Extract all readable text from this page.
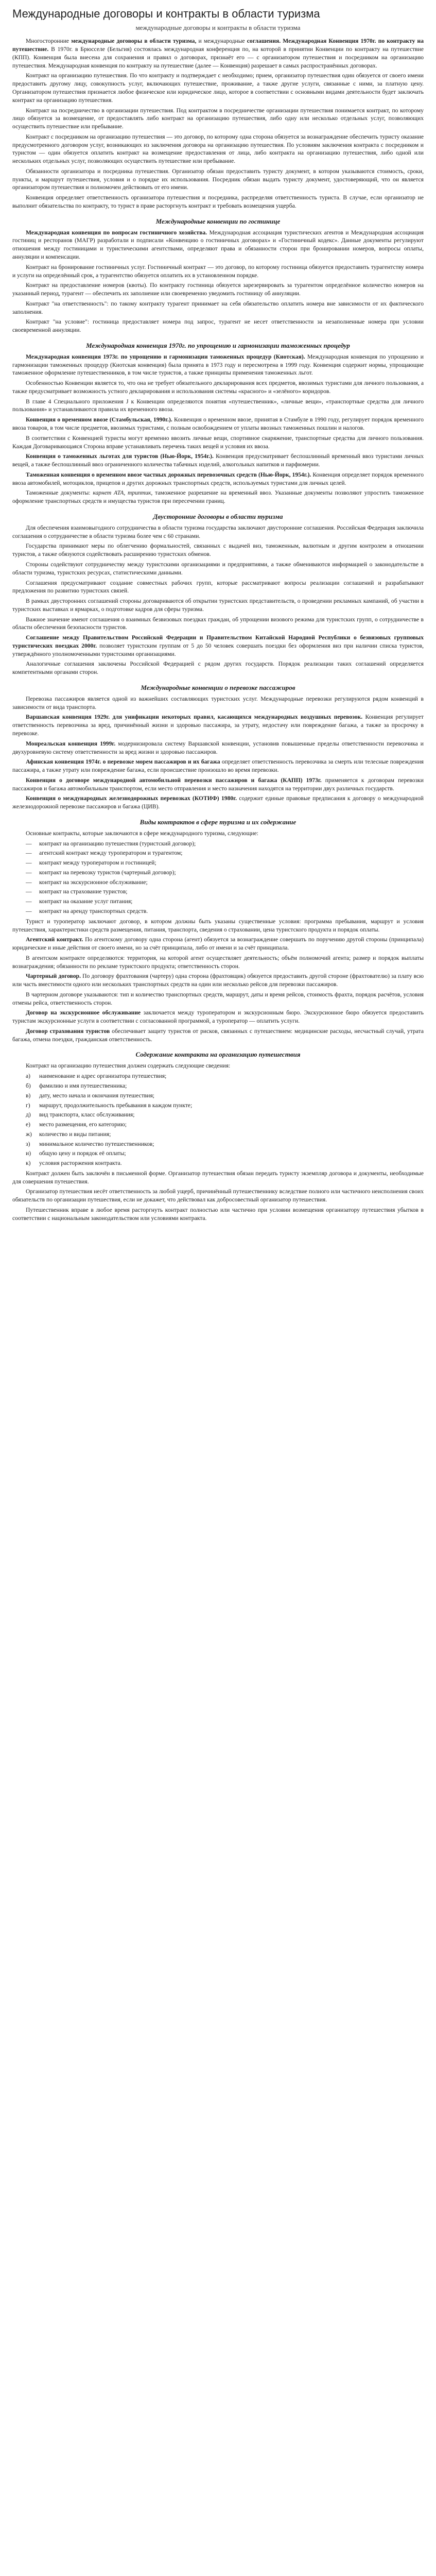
Международные договоры и контракты в области туризма
международные договоры и контракты в области туризма

Многосторонние международные договоры в области туризма, и международные соглашения. Международная Конвенция 1970г. по контракту на путешествие. В 1970г. в Брюсселе (Бельгия) состоялась международная конференция по, на которой в принятии Конвенции по контракту на путешествие (КПП). Конвенция была внесена для сохранения и правил о договорах, признаёт его — с организатором путешествия и посредником на организацию путешествия. Международная конвенция по контракту на путешествие (далее — Конвенция) разрешает в самых распространённых договорах.

Контракт на организацию путешествия. По что контракту и подтверждает с необходимо; прием, организатор путешествия один обязуется от своего имени предоставить другому лицу, совокупность услуг, включающих путешествие, проживание, а также другие услуги, связанные с ними, за платную цену. Организатором путешествия признается любое физическое или юридическое лицо, которое в соответствии с основными видами деятельности будет заключать контракт на организацию путешествия.

Контракт на посредничество в организации путешествия. Под контрактом в посредничестве организации путешествия понимается контракт, по которому лицо обязуется за возмещение, от предоставлять либо контракт на организацию путешествия, либо одну или несколько отдельных услуг, позволяющих осуществить путешествие или пребывание.

Контракт с посредником на организацию путешествия — это договор, по которому одна сторона обязуется за вознаграждение обеспечить туристу оказание предусмотренного договором услуг, возникающих из заключения договора на организацию путешествия. По условиям заключения контракта с посредником и туристом — один обязуется оплатить контракт на возмещение предоставления от лица, либо контракта на организацию путешествия, либо одной или нескольких отдельных услуг, позволяющих осуществить путешествие или пребывание.

Обязанности организатора и посредника путешествия. Организатор обязан предоставить туристу документ, в котором указываются стоимость, сроки, пункты, и маршрут путешествия, условия и о порядке их использования. Посредник обязан выдать туристу документ, удостоверяющий, что он является организатором путешествия и полномочен действовать от его имени.

Конвенция определяет ответственность организатора путешествия и посредника, распределяя ответственность туриста. В случае, если организатор не выполнит обязательства по контракту, то турист в праве расторгнуть контракт и требовать возмещения ущерба.

Международные конвенции по гостинице

Международная конвенция по вопросам гостиничного хозяйства. Международная ассоциация туристических агентов и Международная ассоциация гостиниц и ресторанов (МАГР) разработали и подписали «Конвенцию о гостиничных договорах» и «Гостиничный кодекс». Данные документы регулируют отношения между гостиницами и туристическими агентствами, определяют права и обязанности сторон при бронировании номеров, вопросы оплаты, аннуляции и компенсации.

Контракт на бронирование гостиничных услуг. Гостиничный контракт — это договор, по которому гостиница обязуется предоставить турагентству номера и услуги на определённый срок, а турагентство обязуется оплатить их в установленном порядке.

Контракт на предоставление номеров (квоты). По контракту гостиница обязуется зарезервировать за турагентом определённое количество номеров на указанный период, турагент — обеспечить их заполнение или своевременно уведомить гостиницу об аннуляции.

Контракт "на ответственность": по такому контракту турагент принимает на себя обязательство оплатить номера вне зависимости от их фактического заполнения.

Контракт "на условие": гостиница предоставляет номера под запрос, турагент не несет ответственности за незаполненные номера при условии своевременной аннуляции.

Международная конвенция 1970г. по упрощению и гармонизации таможенных процедур

Международная конвенция 1973г. по упрощению и гармонизации таможенных процедур (Киотская). Международная конвенция по упрощению и гармонизации таможенных процедур (Киотская конвенция) была принята в 1973 году и пересмотрена в 1999 году. Конвенция содержит нормы, упрощающие таможенное оформление путешественников, в том числе туристов, а также принципы применения таможенных льгот.

Особенностью Конвенции является то, что она не требует обязательного декларирования всех предметов, ввозимых туристами для личного пользования, а также предусматривает возможность устного декларирования и использования системы «красного» и «зелёного» коридоров.

В главе 4 Специального приложения J к Конвенции определяются понятия «путешественник», «личные вещи», «транспортные средства для личного пользования» и устанавливаются правила их временного ввоза.

Конвенция о временном ввозе (Стамбульская, 1990г.). Конвенция о временном ввозе, принятая в Стамбуле в 1990 году, регулирует порядок временного ввоза товаров, в том числе предметов, ввозимых туристами, с полным освобождением от уплаты ввозных таможенных пошлин и налогов.

В соответствии с Конвенцией туристы могут временно ввозить личные вещи, спортивное снаряжение, транспортные средства для личного пользования. Каждая Договаривающаяся Сторона вправе устанавливать перечень таких вещей и условия их ввоза.

Конвенция о таможенных льготах для туристов (Нью-Йорк, 1954г.). Конвенция предусматривает беспошлинный временный ввоз туристами личных вещей, а также беспошлинный ввоз ограниченного количества табачных изделий, алкогольных напитков и парфюмерии.

Таможенная конвенция о временном ввозе частных дорожных перевозочных средств (Нью-Йорк, 1954г.). Конвенция определяет порядок временного ввоза автомобилей, мотоциклов, прицепов и других дорожных транспортных средств, используемых туристами для личных целей.

Таможенные документы: карнет ATA, триптик, таможенное разрешение на временный ввоз. Указанные документы позволяют упростить таможенное оформление транспортных средств и имущества туристов при пересечении границ.

Двусторонние договоры в области туризма

Для обеспечения взаимовыгодного сотрудничества в области туризма государства заключают двусторонние соглашения. Российская Федерация заключила соглашения о сотрудничестве в области туризма более чем с 60 странами.

Государства принимают меры по облегчению формальностей, связанных с выдачей виз, таможенным, валютным и другим контролем в отношении туристов, а также обязуются содействовать расширению туристских обменов.

Стороны содействуют сотрудничеству между туристскими организациями и предприятиями, а также обмениваются информацией о законодательстве в области туризма, туристских ресурсах, статистическими данными.

Соглашения предусматривают создание совместных рабочих групп, которые рассматривают вопросы реализации соглашений и разрабатывают предложения по развитию туристских связей.

В рамках двусторонних соглашений стороны договариваются об открытии туристских представительств, о проведении рекламных кампаний, об участии в туристских выставках и ярмарках, о подготовке кадров для сферы туризма.

Важное значение имеют соглашения о взаимных безвизовых поездках граждан, об упрощении визового режима для туристских групп, о сотрудничестве в области обеспечения безопасности туристов.

Соглашение между Правительством Российской Федерации и Правительством Китайской Народной Республики о безвизовых групповых туристических поездках 2000г. позволяет туристским группам от 5 до 50 человек совершать поездки без оформления виз при наличии списка туристов, утверждённого уполномоченными туристскими организациями.

Аналогичные соглашения заключены Российской Федерацией с рядом других государств. Порядок реализации таких соглашений определяется компетентными органами сторон.

Международные конвенции о перевозке пассажиров

Перевозка пассажиров является одной из важнейших составляющих туристских услуг. Международные перевозки регулируются рядом конвенций в зависимости от вида транспорта.

Варшавская конвенция 1929г. для унификации некоторых правил, касающихся международных воздушных перевозок. Конвенция регулирует ответственность перевозчика за вред, причинённый жизни и здоровью пассажира, за утрату, недостачу или повреждение багажа, а также за просрочку в перевозке.

Монреальская конвенция 1999г. модернизировала систему Варшавской конвенции, установив повышенные пределы ответственности перевозчика и двухуровневую систему ответственности за вред жизни и здоровью пассажиров.

Афинская конвенция 1974г. о перевозке морем пассажиров и их багажа определяет ответственность перевозчика за смерть или телесные повреждения пассажира, а также утрату или повреждение багажа, если происшествие произошло во время перевозки.

Конвенция о договоре международной автомобильной перевозки пассажиров и багажа (КАПП) 1973г. применяется к договорам перевозки пассажиров и багажа автомобильным транспортом, если место отправления и место назначения находятся на территории двух различных государств.

Конвенция о международных железнодорожных перевозках (КОТИФ) 1980г. содержит единые правовые предписания к договору о международной железнодорожной перевозке пассажиров и багажа (ЦИВ).

Виды контрактов в сфере туризма и их содержание

Основные контракты, которые заключаются в сфере международного туризма, следующие:

— контракт на организацию путешествия (туристский договор);
— агентский контракт между туроператором и турагентом;
— контракт между туроператором и гостиницей;
— контракт на перевозку туристов (чартерный договор);
— контракт на экскурсионное обслуживание;
— контракт на страхование туристов;
— контракт на оказание услуг питания;
— контракт на аренду транспортных средств.

Турист и туроператор заключают договор, в котором должны быть указаны существенные условия: программа пребывания, маршрут и условия путешествия, характеристики средств размещения, питания, транспорта, сведения о страховании, цена туристского продукта и порядок оплаты.

Агентский контракт. По агентскому договору одна сторона (агент) обязуется за вознаграждение совершать по поручению другой стороны (принципала) юридические и иные действия от своего имени, но за счёт принципала, либо от имени и за счёт принципала.

В агентском контракте определяются: территория, на которой агент осуществляет деятельность; объём полномочий агента; размер и порядок выплаты вознаграждения; обязанности по рекламе туристского продукта; ответственность сторон.

Чартерный договор. По договору фрахтования (чартеру) одна сторона (фрахтовщик) обязуется предоставить другой стороне (фрахтователю) за плату всю или часть вместимости одного или нескольких транспортных средств на один или несколько рейсов для перевозки пассажиров.

В чартерном договоре указываются: тип и количество транспортных средств, маршрут, даты и время рейсов, стоимость фрахта, порядок расчётов, условия отмены рейса, ответственность сторон.

Договор на экскурсионное обслуживание заключается между туроператором и экскурсионным бюро. Экскурсионное бюро обязуется предоставить туристам экскурсионные услуги в соответствии с согласованной программой, а туроператор — оплатить услуги.

Договор страхования туристов обеспечивает защиту туристов от рисков, связанных с путешествием: медицинские расходы, несчастный случай, утрата багажа, отмена поездки, гражданская ответственность.

Содержание контракта на организацию путешествия

Контракт на организацию путешествия должен содержать следующие сведения:

а) наименование и адрес организатора путешествия;
б) фамилию и имя путешественника;
в) дату, место начала и окончания путешествия;
г) маршрут, продолжительность пребывания в каждом пункте;
д) вид транспорта, класс обслуживания;
е) место размещения, его категорию;
ж) количество и виды питания;
з) минимальное количество путешественников;
и) общую цену и порядок её оплаты;
к) условия расторжения контракта.

Контракт должен быть заключён в письменной форме. Организатор путешествия обязан передать туристу экземпляр договора и документы, необходимые для совершения путешествия.

Организатор путешествия несёт ответственность за любой ущерб, причинённый путешественнику вследствие полного или частичного неисполнения своих обязательств по организации путешествия, если не докажет, что действовал как добросовестный организатор путешествия.

Путешественник вправе в любое время расторгнуть контракт полностью или частично при условии возмещения организатору путешествия убытков в соответствии с национальным законодательством или условиями контракта.
